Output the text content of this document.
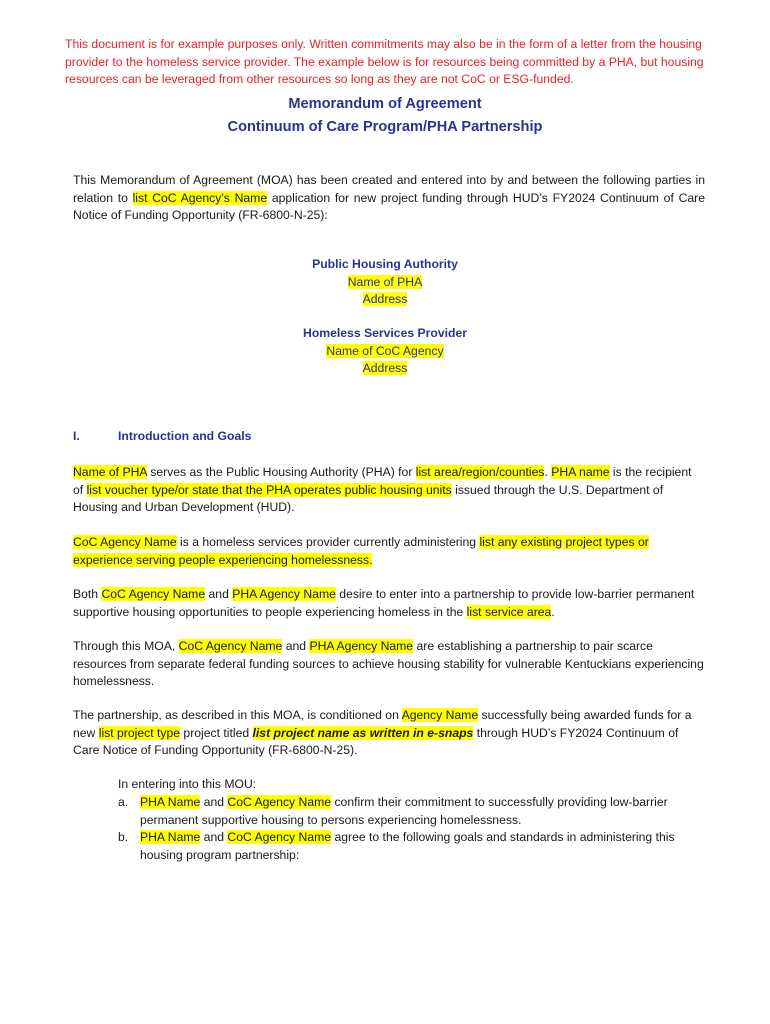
This document is for example purposes only. Written commitments may also be in the form of a letter from the housing provider to the homeless service provider. The example below is for resources being committed by a PHA, but housing resources can be leveraged from other resources so long as they are not CoC or ESG-funded.
Memorandum of Agreement
Continuum of Care Program/PHA Partnership
This Memorandum of Agreement (MOA) has been created and entered into by and between the following parties in relation to list CoC Agency’s Name application for new project funding through HUD’s FY2024 Continuum of Care Notice of Funding Opportunity (FR-6800-N-25):
Public Housing Authority
Name of PHA
Address
Homeless Services Provider
Name of CoC Agency
Address
I.	Introduction and Goals
Name of PHA serves as the Public Housing Authority (PHA) for list area/region/counties. PHA name is the recipient of list voucher type/or state that the PHA operates public housing units issued through the U.S. Department of Housing and Urban Development (HUD).
CoC Agency Name is a homeless services provider currently administering list any existing project types or experience serving people experiencing homelessness.
Both CoC Agency Name and PHA Agency Name desire to enter into a partnership to provide low-barrier permanent supportive housing opportunities to people experiencing homeless in the list service area.
Through this MOA, CoC Agency Name and PHA Agency Name are establishing a partnership to pair scarce resources from separate federal funding sources to achieve housing stability for vulnerable Kentuckians experiencing homelessness.
The partnership, as described in this MOA, is conditioned on Agency Name successfully being awarded funds for a new list project type project titled list project name as written in e-snaps through HUD’s FY2024 Continuum of Care Notice of Funding Opportunity (FR-6800-N-25).
In entering into this MOU:
a. PHA Name and CoC Agency Name confirm their commitment to successfully providing low-barrier permanent supportive housing to persons experiencing homelessness.
b. PHA Name and CoC Agency Name agree to the following goals and standards in administering this housing program partnership:
